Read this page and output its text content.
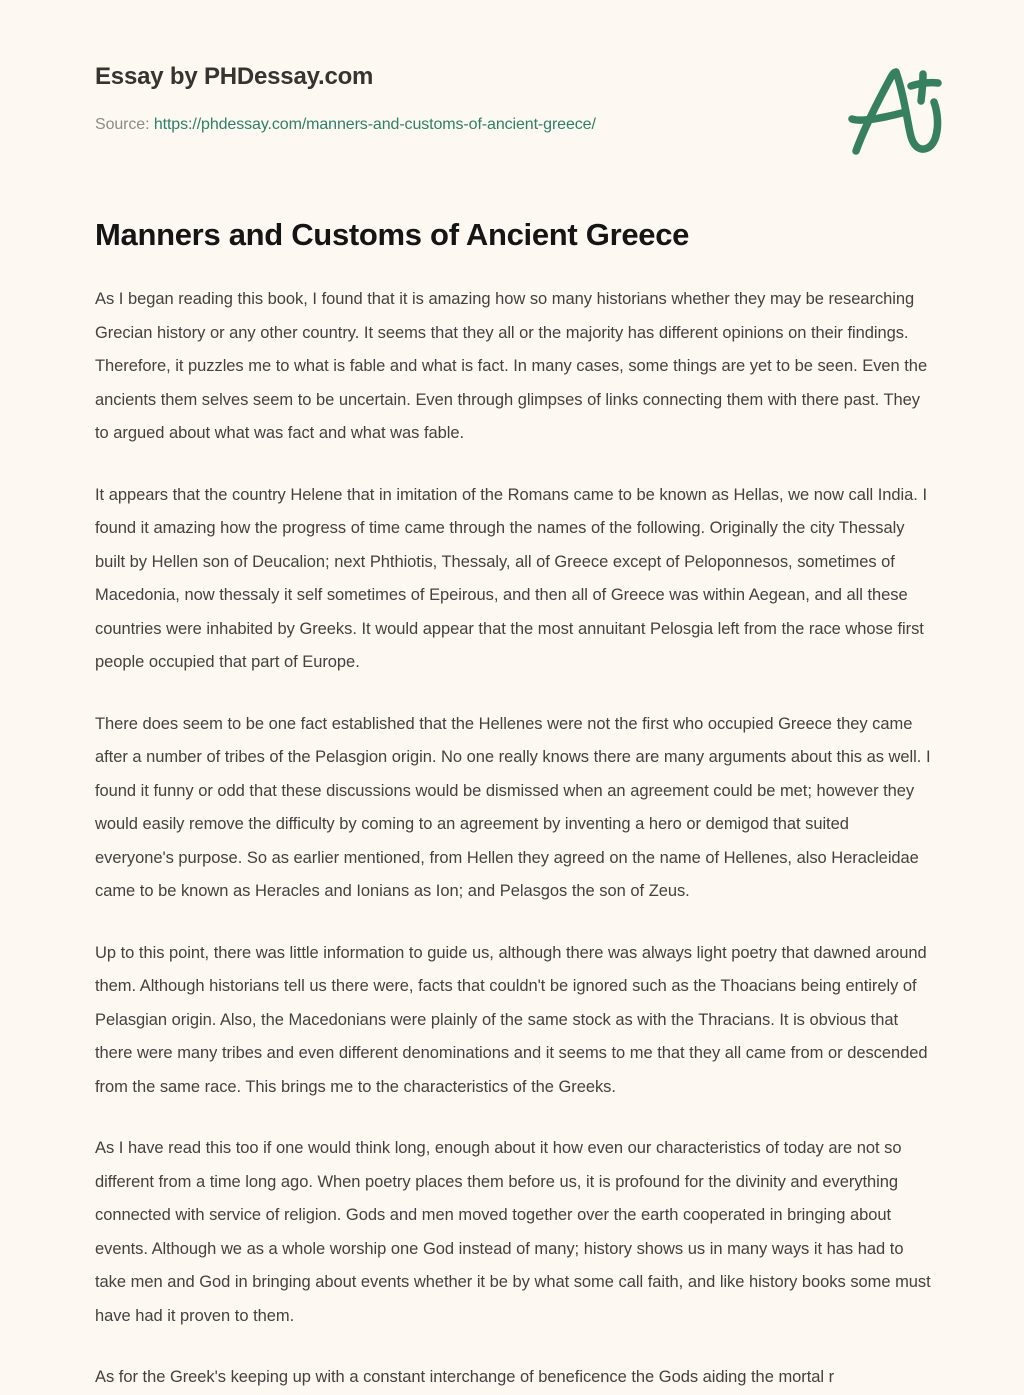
Essay by PHDessay.com
Source: https://phdessay.com/manners-and-customs-of-ancient-greece/
Manners and Customs of Ancient Greece

As I began reading this book, I found that it is amazing how so many historians whether they may be researching Grecian history or any other country. It seems that they all or the majority has different opinions on their findings. Therefore, it puzzles me to what is fable and what is fact. In many cases, some things are yet to be seen. Even the ancients them selves seem to be uncertain. Even through glimpses of links connecting them with there past. They to argued about what was fact and what was fable.

It appears that the country Helene that in imitation of the Romans came to be known as Hellas, we now call India. I found it amazing how the progress of time came through the names of the following. Originally the city Thessaly built by Hellen son of Deucalion; next Phthiotis, Thessaly, all of Greece except of Peloponnesos, sometimes of Macedonia, now thessaly it self sometimes of Epeirous, and then all of Greece was within Aegean, and all these countries were inhabited by Greeks. It would appear that the most annuitant Pelosgia left from the race whose first people occupied that part of Europe.

There does seem to be one fact established that the Hellenes were not the first who occupied Greece they came after a number of tribes of the Pelasgion origin. No one really knows there are many arguments about this as well. I found it funny or odd that these discussions would be dismissed when an agreement could be met; however they would easily remove the difficulty by coming to an agreement by inventing a hero or demigod that suited everyone's purpose. So as earlier mentioned, from Hellen they agreed on the name of Hellenes, also Heracleidae came to be known as Heracles and Ionians as Ion; and Pelasgos the son of Zeus.

Up to this point, there was little information to guide us, although there was always light poetry that dawned around them. Although historians tell us there were, facts that couldn't be ignored such as the Thoacians being entirely of Pelasgian origin. Also, the Macedonians were plainly of the same stock as with the Thracians. It is obvious that there were many tribes and even different denominations and it seems to me that they all came from or descended from the same race. This brings me to the characteristics of the Greeks.

As I have read this too if one would think long, enough about it how even our characteristics of today are not so different from a time long ago. When poetry places them before us, it is profound for the divinity and everything connected with service of religion. Gods and men moved together over the earth cooperated in bringing about events. Although we as a whole worship one God instead of many; history shows us in many ways it has had to take men and God in bringing about events whether it be by what some call faith, and like history books some must have had it proven to them.

As for the Greek's keeping up with a constant interchange of beneficence the Gods aiding the mortal r
